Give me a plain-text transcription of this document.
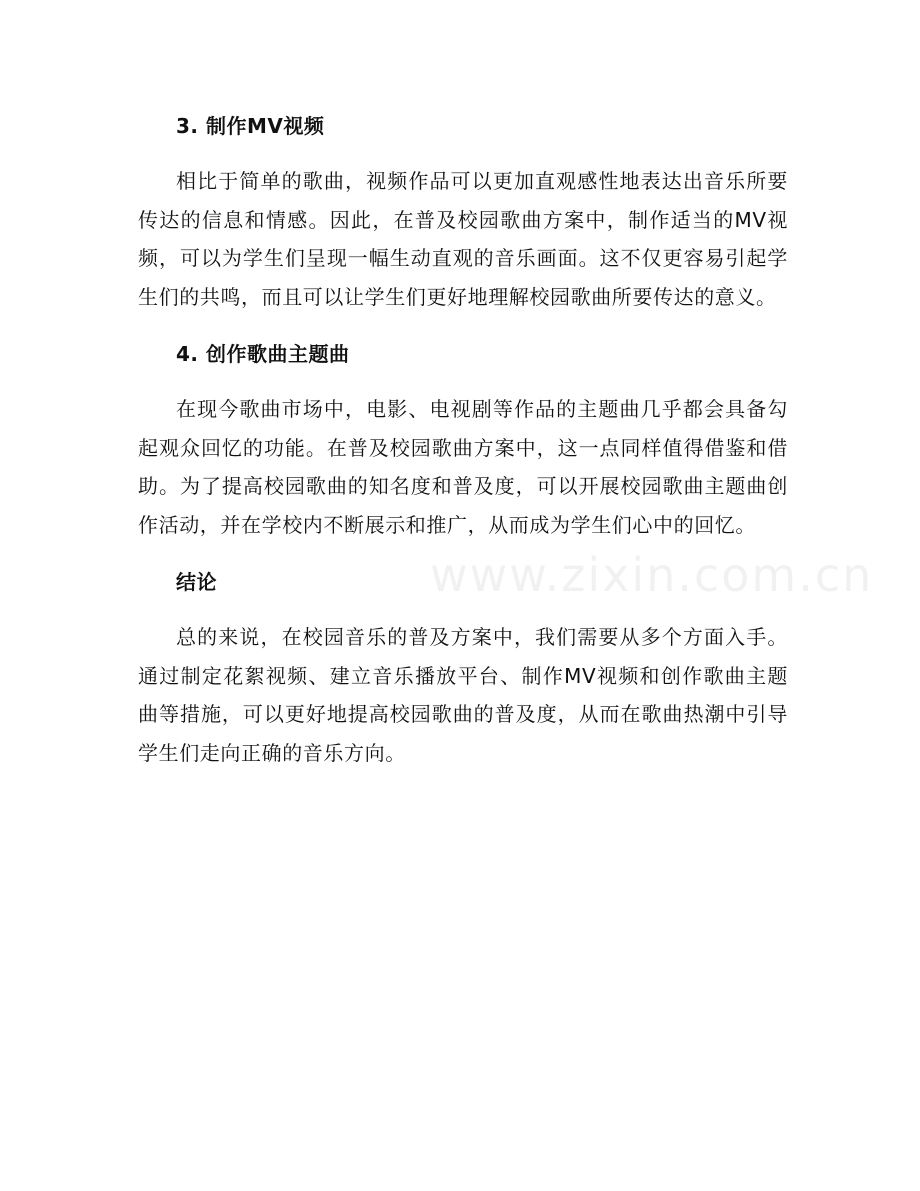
3. 制作MV视频

相比于简单的歌曲，视频作品可以更加直观感性地表达出音乐所要传达的信息和情感。因此，在普及校园歌曲方案中，制作适当的MV视频，可以为学生们呈现一幅生动直观的音乐画面。这不仅更容易引起学生们的共鸣，而且可以让学生们更好地理解校园歌曲所要传达的意义。

4. 创作歌曲主题曲

在现今歌曲市场中，电影、电视剧等作品的主题曲几乎都会具备勾起观众回忆的功能。在普及校园歌曲方案中，这一点同样值得借鉴和借助。为了提高校园歌曲的知名度和普及度，可以开展校园歌曲主题曲创作活动，并在学校内不断展示和推广，从而成为学生们心中的回忆。

结论

总的来说，在校园音乐的普及方案中，我们需要从多个方面入手。通过制定花絮视频、建立音乐播放平台、制作MV视频和创作歌曲主题曲等措施，可以更好地提高校园歌曲的普及度，从而在歌曲热潮中引导学生们走向正确的音乐方向。

www.zixin.com.cn
